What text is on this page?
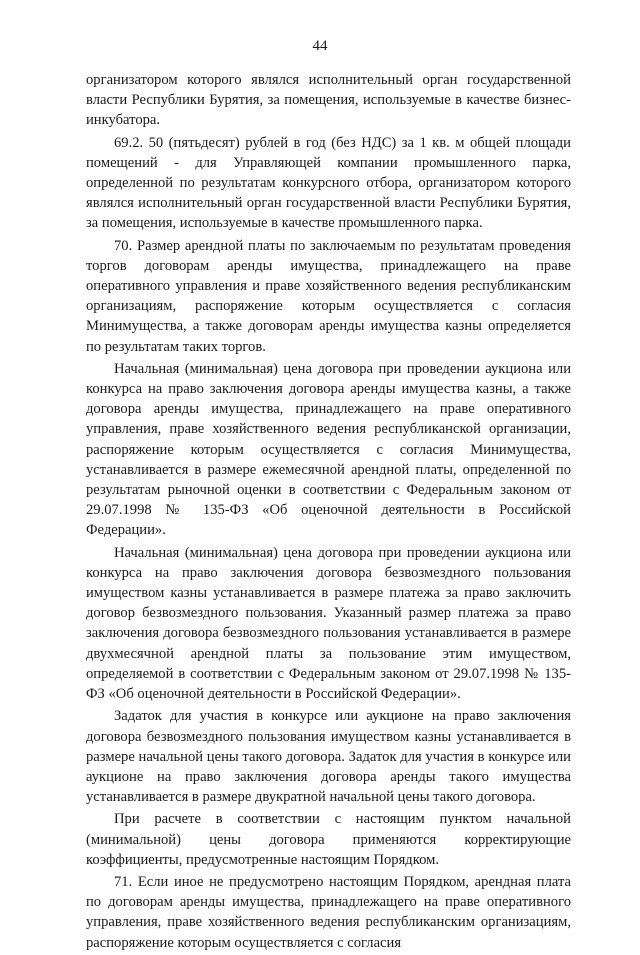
44

организатором которого являлся исполнительный орган государственной власти Республики Бурятия, за помещения, используемые в качестве бизнес-инкубатора.

69.2. 50 (пятьдесят) рублей в год (без НДС) за 1 кв. м общей площади помещений - для Управляющей компании промышленного парка, определенной по результатам конкурсного отбора, организатором которого являлся исполнительный орган государственной власти Республики Бурятия, за помещения, используемые в качестве промышленного парка.

70. Размер арендной платы по заключаемым по результатам проведения торгов договорам аренды имущества, принадлежащего на праве оперативного управления и праве хозяйственного ведения республиканским организациям, распоряжение которым осуществляется с согласия Минимущества, а также договорам аренды имущества казны определяется по результатам таких торгов.

Начальная (минимальная) цена договора при проведении аукциона или конкурса на право заключения договора аренды имущества казны, а также договора аренды имущества, принадлежащего на праве оперативного управления, праве хозяйственного ведения республиканской организации, распоряжение которым осуществляется с согласия Минимущества, устанавливается в размере ежемесячной арендной платы, определенной по результатам рыночной оценки в соответствии с Федеральным законом от 29.07.1998 № 135-ФЗ «Об оценочной деятельности в Российской Федерации».

Начальная (минимальная) цена договора при проведении аукциона или конкурса на право заключения договора безвозмездного пользования имуществом казны устанавливается в размере платежа за право заключить договор безвозмездного пользования. Указанный размер платежа за право заключения договора безвозмездного пользования устанавливается в размере двухмесячной арендной платы за пользование этим имуществом, определяемой в соответствии с Федеральным законом от 29.07.1998 № 135-ФЗ «Об оценочной деятельности в Российской Федерации».

Задаток для участия в конкурсе или аукционе на право заключения договора безвозмездного пользования имуществом казны устанавливается в размере начальной цены такого договора. Задаток для участия в конкурсе или аукционе на право заключения договора аренды такого имущества устанавливается в размере двукратной начальной цены такого договора.

При расчете в соответствии с настоящим пунктом начальной (минимальной) цены договора применяются корректирующие коэффициенты, предусмотренные настоящим Порядком.

71. Если иное не предусмотрено настоящим Порядком, арендная плата по договорам аренды имущества, принадлежащего на праве оперативного управления, праве хозяйственного ведения республиканским организациям, распоряжение которым осуществляется с согласия
